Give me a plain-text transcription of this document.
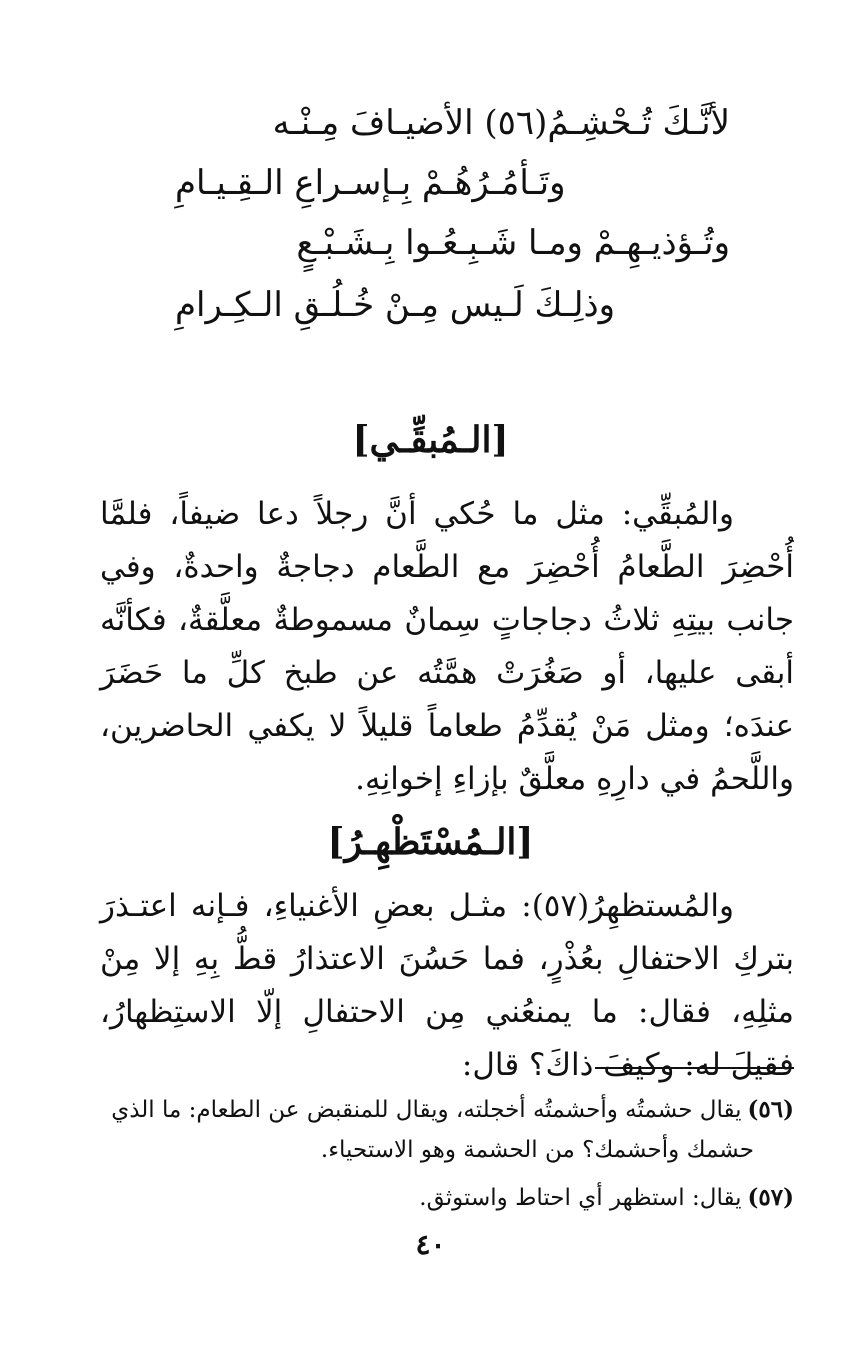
لأنَّـكَ تُـحْشِـمُ(٥٦) الأضيـافَ مِـنْـه
وتَـأمُـرُهُـمْ بِـإسـراعِ الـقِـيـامِ
وتُـؤذيـهِـمْ ومـا شَـبِـعُـوا بِـشَـبْـعٍ
وذلِـكَ لَـيس مِـنْ خُـلُـقِ الـكِـرامِ
[الـمُبقِّـي]
والمُبقِّي: مثل ما حُكي أنَّ رجلاً دعا ضيفاً، فلمَّا أُحْضِرَ الطَّعامُ أُحْضِرَ مع الطَّعام دجاجةٌ واحدةٌ، وفي جانب بيتِهِ ثلاثُ دجاجاتٍ سِمانٌ مسموطةٌ معلَّقةٌ، فكأنَّه أبقى عليها، أو صَغُرَتْ همَّتُه عن طبخ كلِّ ما حَضَرَ عندَه؛ ومثل مَنْ يُقدِّمُ طعاماً قليلاً لا يكفي الحاضرين، واللَّحمُ في دارِهِ معلَّقٌ بإزاءِ إخوانِهِ.
[الـمُسْتَظْهِـرُ]
والمُستظهِرُ(٥٧): مثـل بعضِ الأغنياءِ، فـإنه اعتـذرَ بتركِ الاحتفالِ بعُذْرٍ، فما حَسُنَ الاعتذارُ قطُّ بِهِ إلا مِنْ مثلِهِ، فقال: ما يمنعُني مِن الاحتفالِ إلّا الاستِظهارُ، فقيلَ له: وكيفَ ذاكَ؟ قال:
(٥٦)يقال حشمتُه وأحشمتُه أخجلته، ويقال للمنقبض عن الطعام: ما الذي
حشمك وأحشمك؟ من الحشمة وهو الاستحياء.
(٥٧)يقال: استظهر أي احتاط واستوثق.
٤٠
